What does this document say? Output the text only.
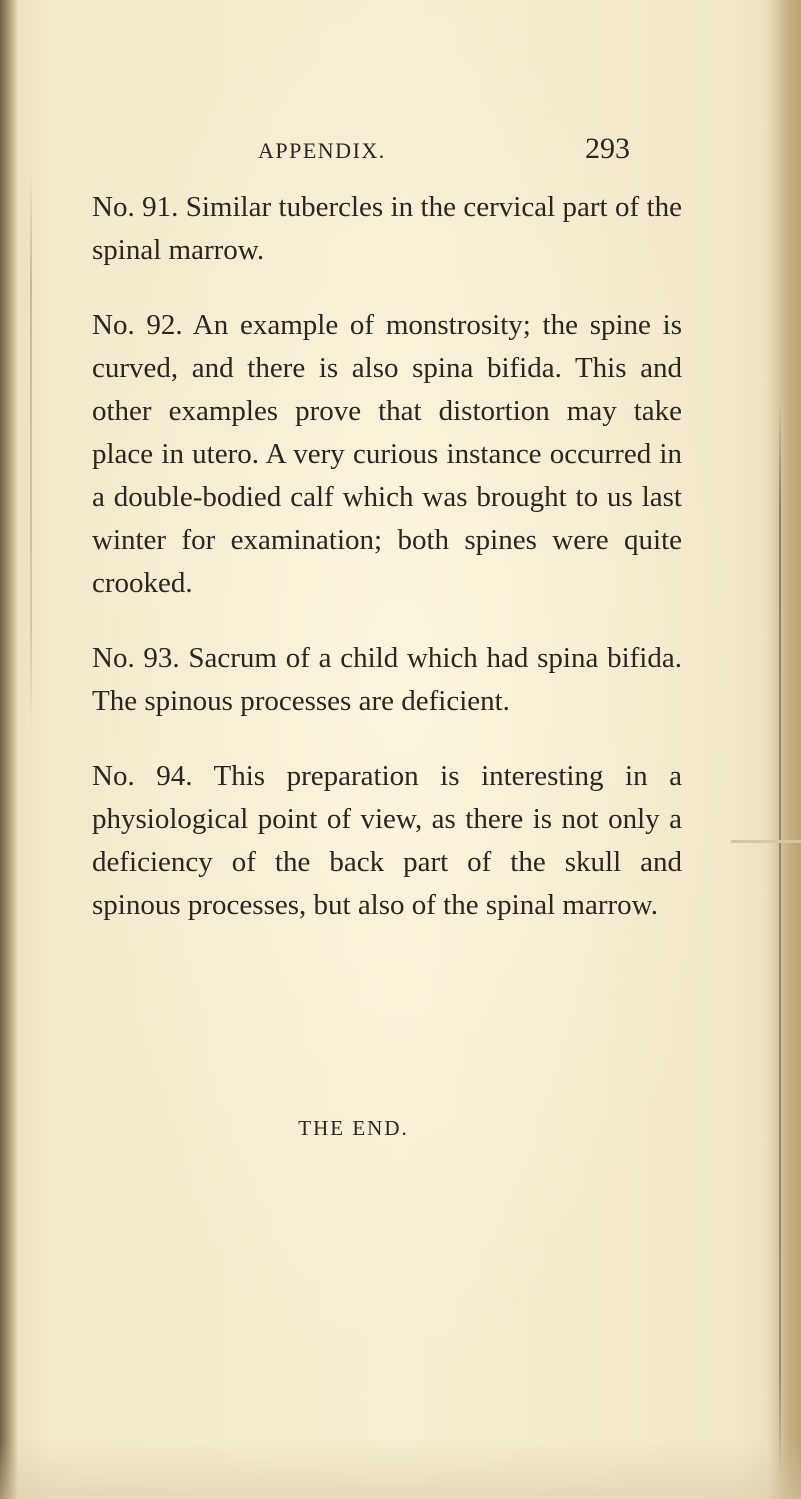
APPENDIX.	293

No. 91. Similar tubercles in the cervical part of the spinal marrow.

No. 92. An example of monstrosity; the spine is curved, and there is also spina bifida. This and other examples prove that distortion may take place in utero. A very curious instance occurred in a double-bodied calf which was brought to us last winter for examination; both spines were quite crooked.

No. 93. Sacrum of a child which had spina bifida. The spinous processes are deficient.

No. 94. This preparation is interesting in a physiological point of view, as there is not only a deficiency of the back part of the skull and spinous processes, but also of the spinal marrow.

THE END.
